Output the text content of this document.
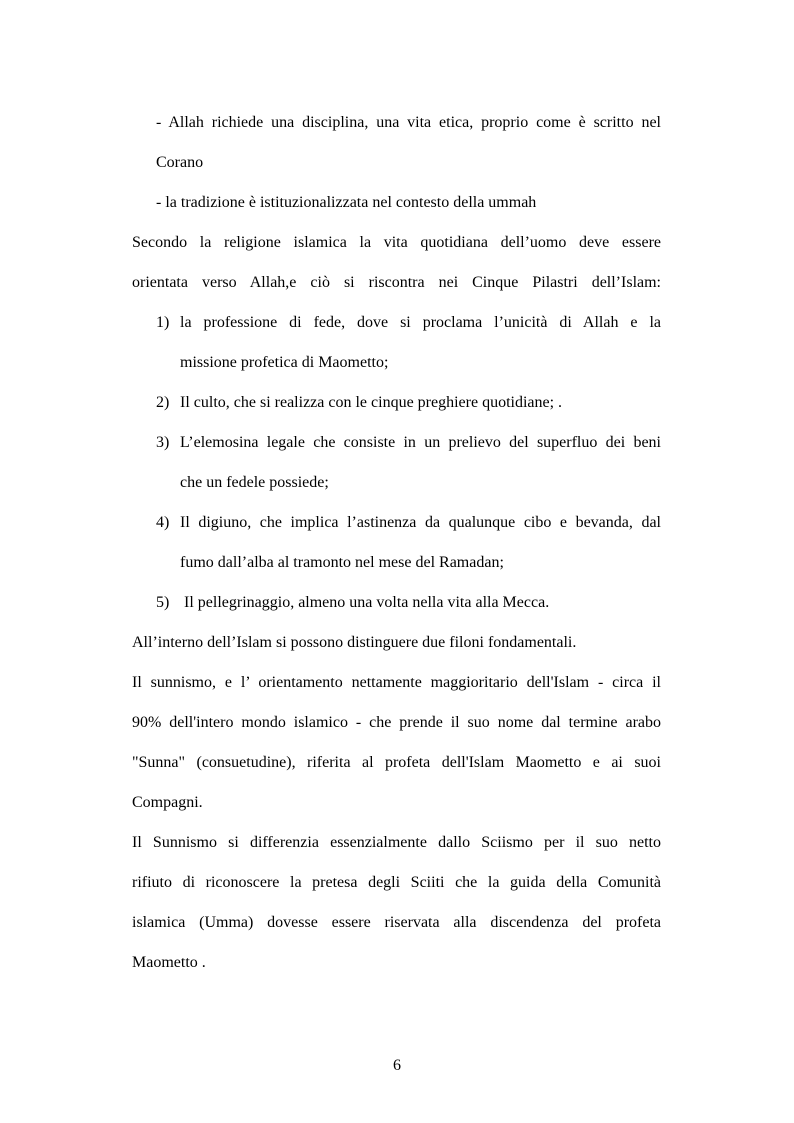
- Allah richiede una disciplina, una vita etica, proprio come è scritto nel
Corano
- la tradizione è istituzionalizzata nel contesto della ummah
Secondo la religione islamica la vita quotidiana dell’uomo deve essere
orientata verso Allah,e ciò si riscontra nei Cinque Pilastri dell’Islam:
1) la professione di fede, dove si proclama l’unicità di Allah e la
missione profetica di Maometto;
2) Il culto, che si realizza con le cinque preghiere quotidiane; .
3) L’elemosina legale che consiste in un prelievo del superfluo dei beni
che un fedele possiede;
4) Il digiuno, che implica l’astinenza da qualunque cibo e bevanda, dal
fumo dall’alba al tramonto nel mese del Ramadan;
5) Il pellegrinaggio, almeno una volta nella vita alla Mecca.
All’interno dell’Islam si possono distinguere due filoni fondamentali.
Il sunnismo, e l’ orientamento nettamente maggioritario dell'Islam - circa il
90% dell'intero mondo islamico - che prende il suo nome dal termine arabo
"Sunna" (consuetudine), riferita al profeta dell'Islam Maometto e ai suoi
Compagni.
Il Sunnismo si differenzia essenzialmente dallo Sciismo per il suo netto
rifiuto di riconoscere la pretesa degli Sciiti che la guida della Comunità
islamica (Umma) dovesse essere riservata alla discendenza del profeta
Maometto .
6
